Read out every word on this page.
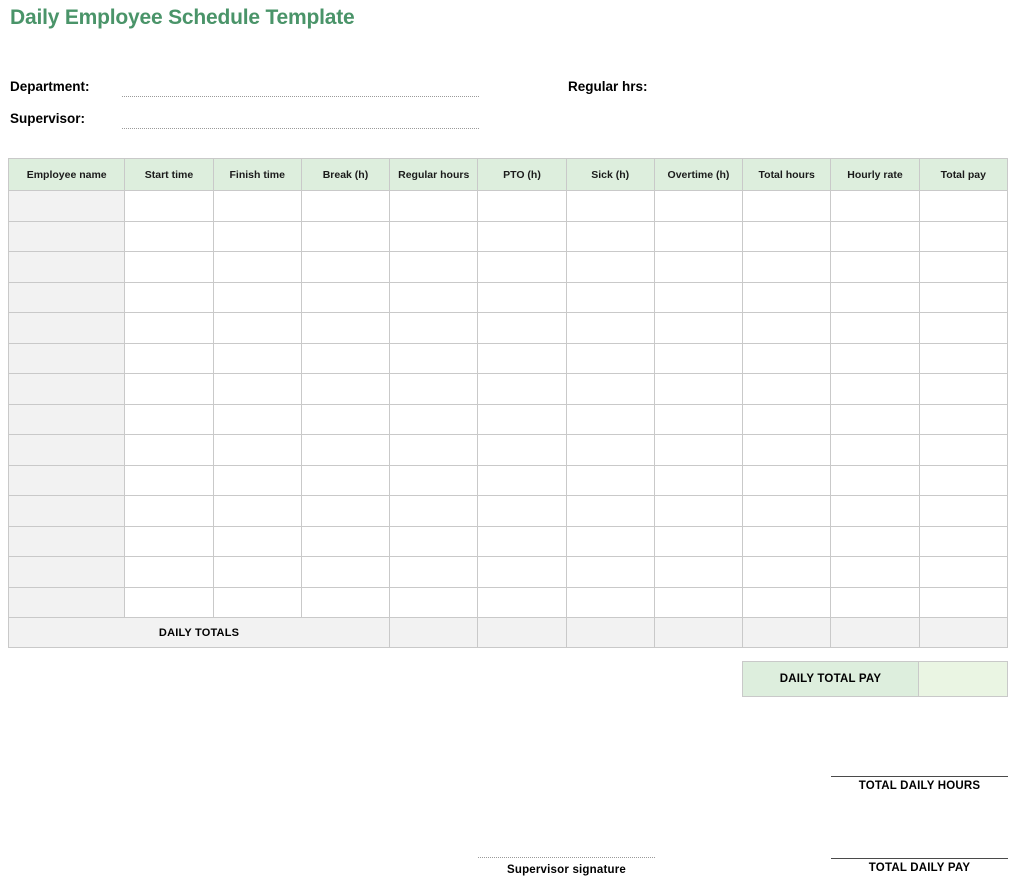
Daily Employee Schedule Template
Department:
Supervisor:
Regular hrs:
Employee name	Start time	Finish time	Break (h)	Regular hours	PTO (h)	Sick (h)	Overtime (h)	Total hours	Hourly rate	Total pay

DAILY TOTALS										
DAILY TOTAL PAY
TOTAL DAILY HOURS
Supervisor signature	TOTAL DAILY PAY
